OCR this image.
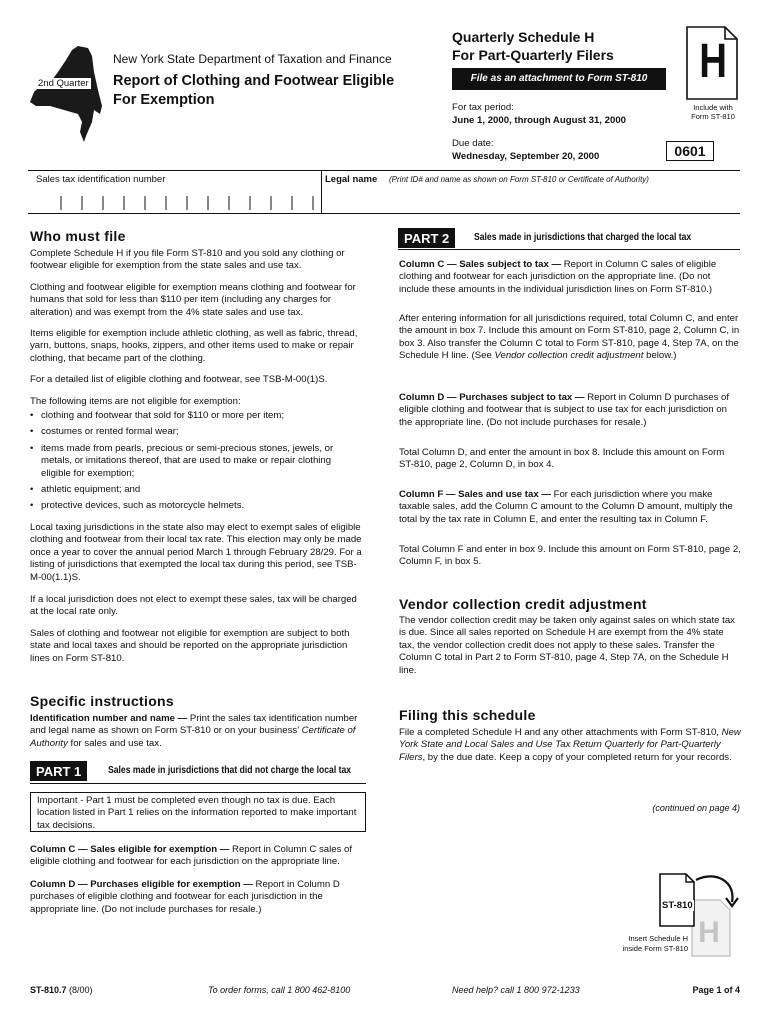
2nd Quarter
New York State Department of Taxation and Finance
Report of Clothing and Footwear Eligible
For Exemption
Quarterly Schedule H
For Part-Quarterly Filers
File as an attachment to Form ST-810
For tax period:
June 1, 2000, through August 31, 2000
Due date:
Wednesday, September 20, 2000	0601
H
Include with
Form ST-810
Sales tax identification number	Legal name (Print ID# and name as shown on Form ST-810 or Certificate of Authority)
Who must file

Complete Schedule H if you file Form ST-810 and you sold any clothing or footwear eligible for exemption from the state sales and use tax.

Clothing and footwear eligible for exemption means clothing and footwear for humans that sold for less than $110 per item (including any charges for alteration) and was exempt from the 4% state sales and use tax.

Items eligible for exemption include athletic clothing, as well as fabric, thread, yarn, buttons, snaps, hooks, zippers, and other items used to make or repair clothing, that became part of the clothing.

For a detailed list of eligible clothing and footwear, see TSB-M-00(1)S.

The following items are not eligible for exemption:

• clothing and footwear that sold for $110 or more per item;
• costumes or rented formal wear;
• items made from pearls, precious or semi-precious stones, jewels, or metals, or imitations thereof, that are used to make or repair clothing eligible for exemption;
• athletic equipment; and
• protective devices, such as motorcycle helmets.

Local taxing jurisdictions in the state also may elect to exempt sales of eligible clothing and footwear from their local tax rate. This election may only be made once a year to cover the annual period March 1 through February 28/29. For a listing of jurisdictions that exempted the local tax during this period, see TSB-M-00(1.1)S.

If a local jurisdiction does not elect to exempt these sales, tax will be charged at the local rate only.

Sales of clothing and footwear not eligible for exemption are subject to both state and local taxes and should be reported on the appropriate jurisdiction lines on Form ST-810.

Specific instructions

Identification number and name — Print the sales tax identification number and legal name as shown on Form ST-810 or on your business’ Certificate of Authority for sales and use tax.

PART 1	Sales made in jurisdictions that did not charge the local tax
Important - Part 1 must be completed even though no tax is due. Each location listed in Part 1 relies on the information reported to make important tax decisions.

Column C — Sales eligible for exemption — Report in Column C sales of eligible clothing and footwear for each jurisdiction on the appropriate line.

Column D — Purchases eligible for exemption — Report in Column D purchases of eligible clothing and footwear for each jurisdiction in the appropriate line. (Do not include purchases for resale.)

PART 2	Sales made in jurisdictions that charged the local tax

Column C — Sales subject to tax — Report in Column C sales of eligible clothing and footwear for each jurisdiction on the appropriate line. (Do not include these amounts in the individual jurisdiction lines on Form ST-810.)

After entering information for all jurisdictions required, total Column C, and enter the amount in box 7. Include this amount on Form ST-810, page 2, Column C, in box 3. Also transfer the Column C total to Form ST-810, page 4, Step 7A, on the Schedule H line. (See Vendor collection credit adjustment below.)

Column D — Purchases subject to tax — Report in Column D purchases of eligible clothing and footwear that is subject to use tax for each jurisdiction on the appropriate line. (Do not include purchases for resale.)

Total Column D, and enter the amount in box 8. Include this amount on Form ST-810, page 2, Column D, in box 4.

Column F — Sales and use tax — For each jurisdiction where you make taxable sales, add the Column C amount to the Column D amount, multiply the total by the tax rate in Column E, and enter the resulting tax in Column F.

Total Column F and enter in box 9. Include this amount on Form ST-810, page 2, Column F, in box 5.

Vendor collection credit adjustment

The vendor collection credit may be taken only against sales on which state tax is due. Since all sales reported on Schedule H are exempt from the 4% state tax, the vendor collection credit does not apply to these sales. Transfer the Column C total in Part 2 to Form ST-810, page 4, Step 7A, on the Schedule H line.

Filing this schedule

File a completed Schedule H and any other attachments with Form ST-810, New York State and Local Sales and Use Tax Return Quarterly for Part-Quarterly Filers, by the due date. Keep a copy of your completed return for your records.

(continued on page 4)
ST-810
H
Insert Schedule H
inside Form ST-810
ST-810.7 (8/00)	To order forms, call 1 800 462-8100	Need help? call 1 800 972-1233	Page 1 of 4
